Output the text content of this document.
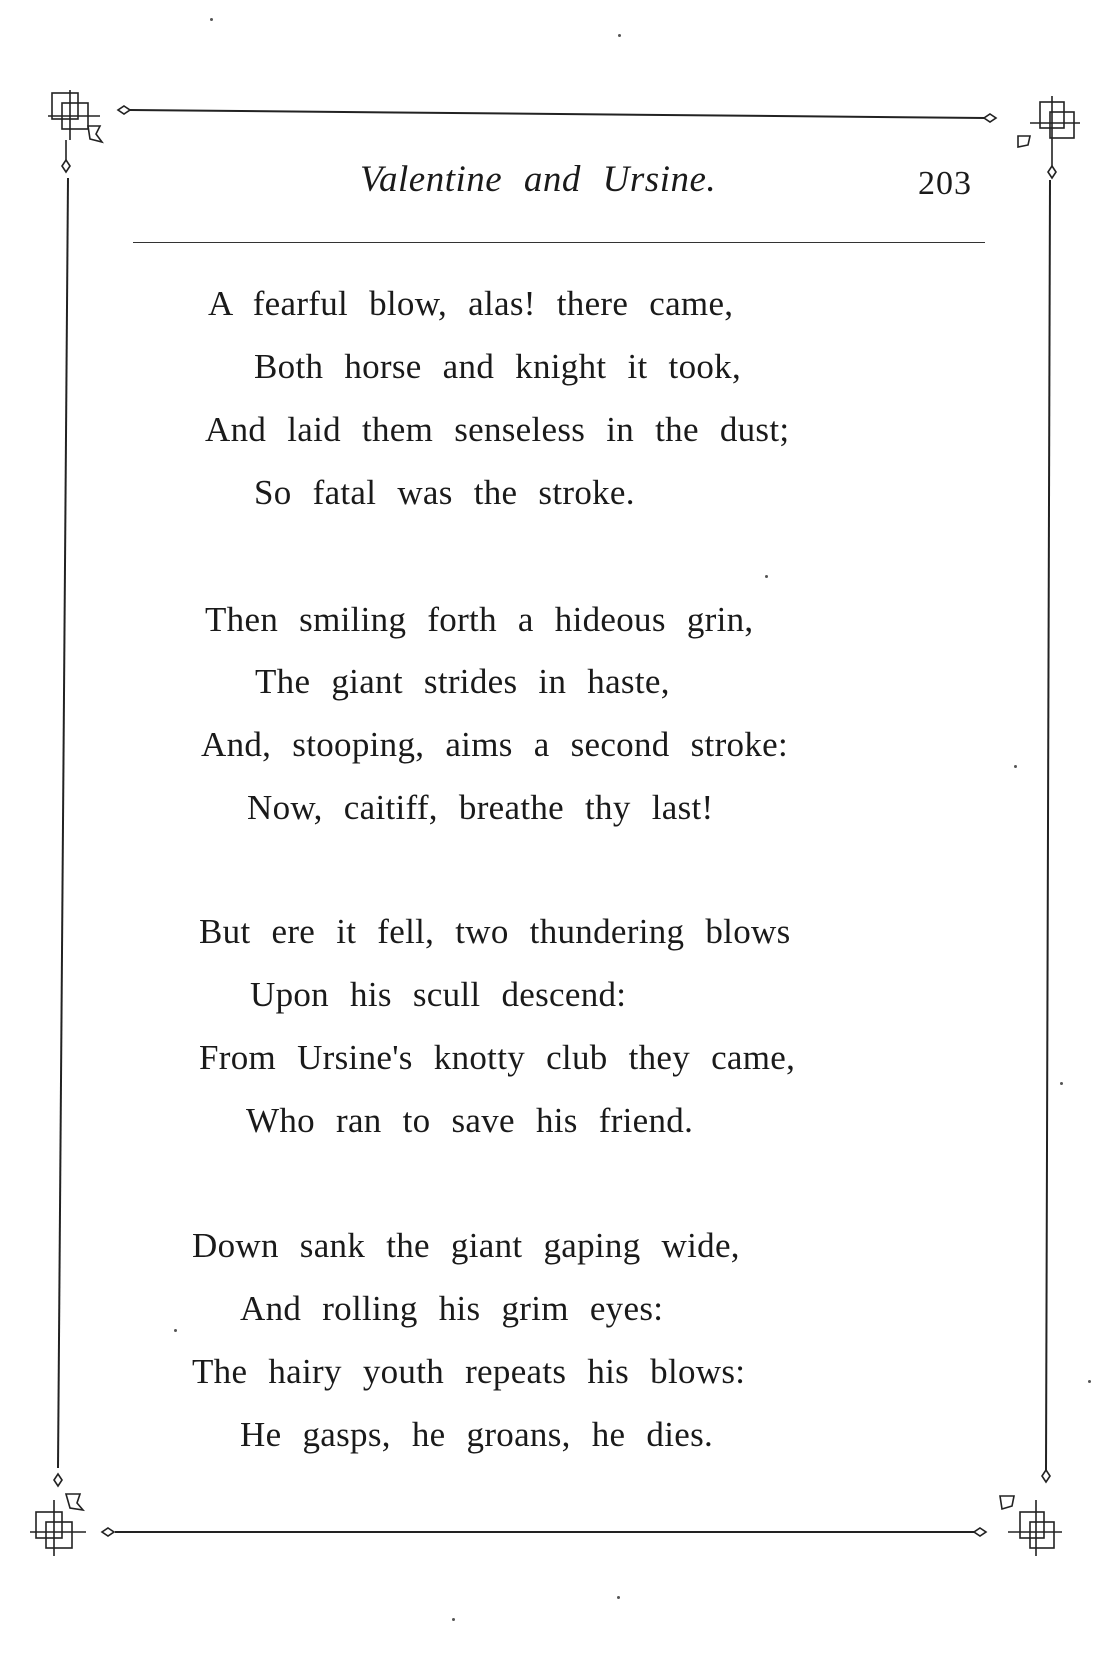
Valentine and Ursine.	203
A fearful blow, alas! there came,
Both horse and knight it took,
And laid them senseless in the dust;
So fatal was the stroke.
Then smiling forth a hideous grin,
The giant strides in haste,
And, stooping, aims a second stroke:
Now, caitiff, breathe thy last!
But ere it fell, two thundering blows
Upon his scull descend:
From Ursine's knotty club they came,
Who ran to save his friend.
Down sank the giant gaping wide,
And rolling his grim eyes:
The hairy youth repeats his blows:
He gasps, he groans, he dies.
